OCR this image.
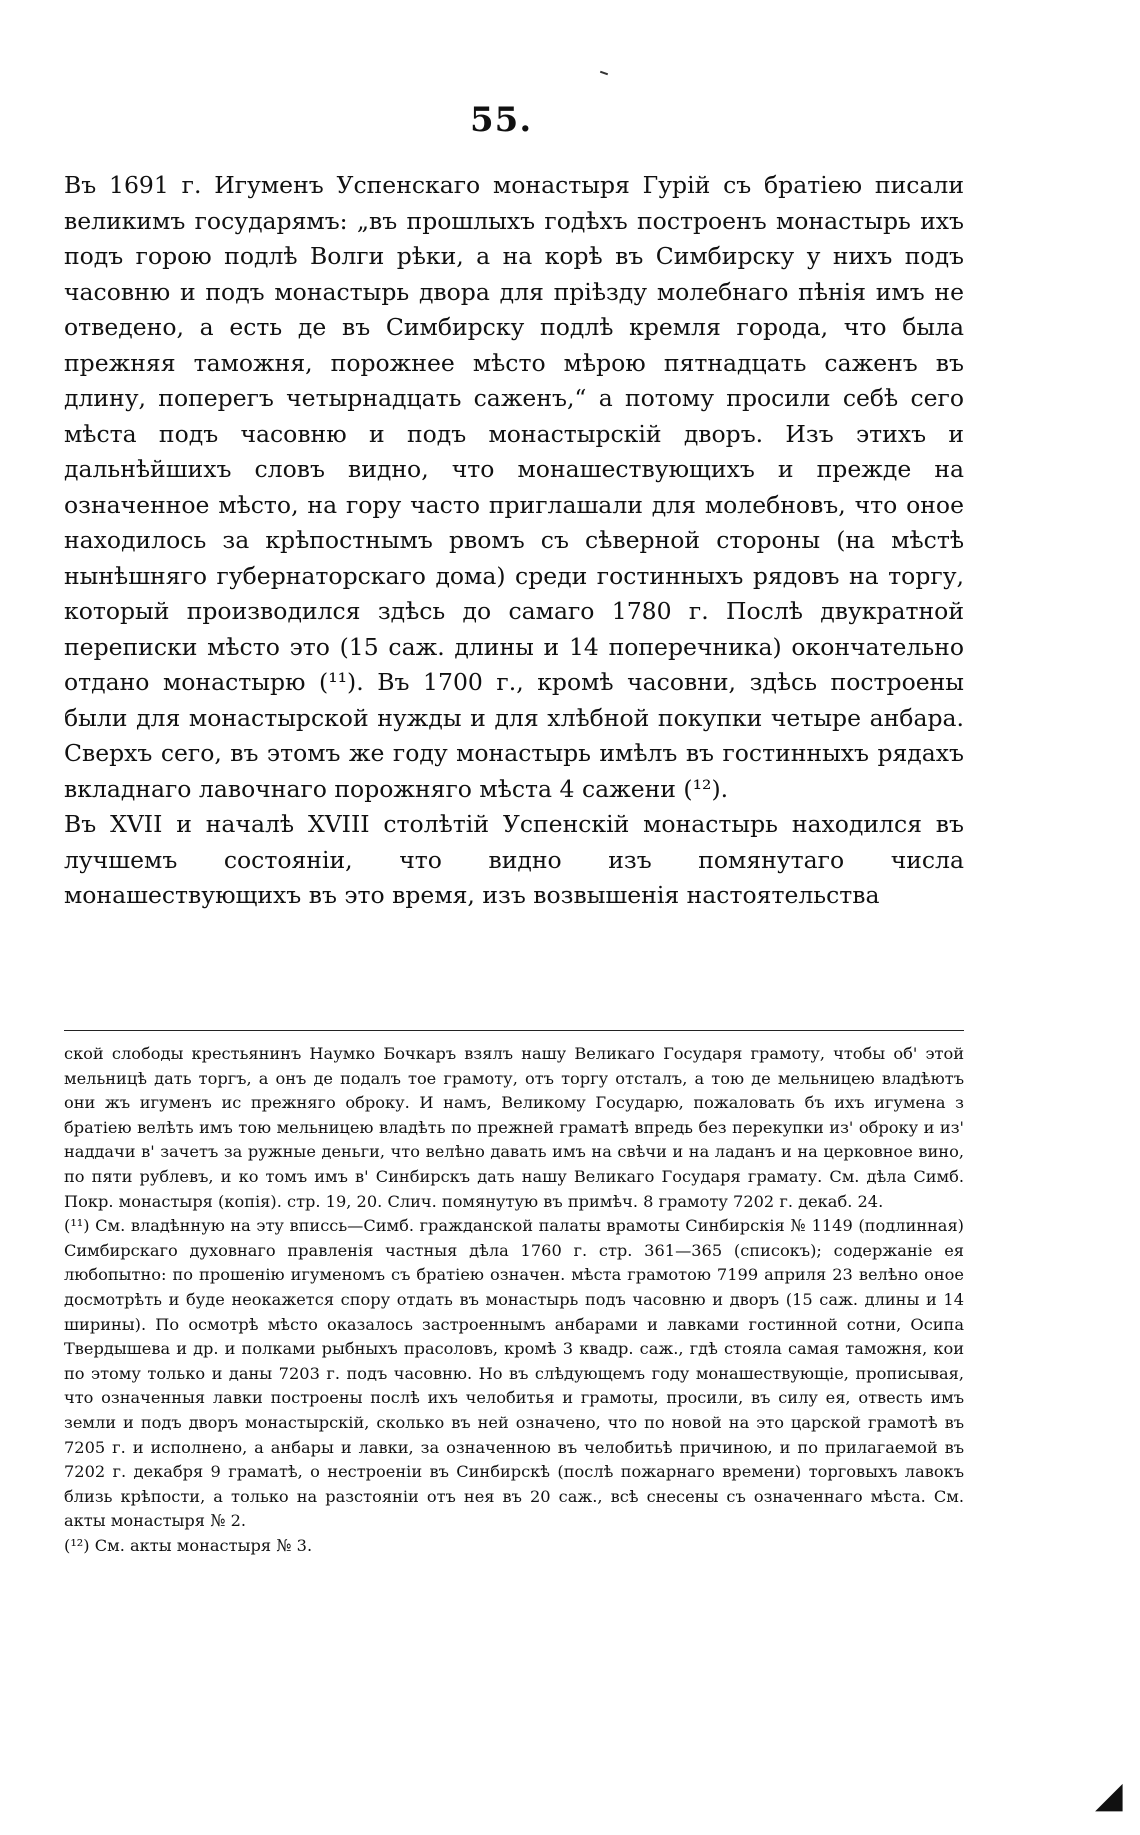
55.

Въ 1691 г. Игуменъ Успенскаго монастыря Гурій съ братіею писали великимъ государямъ: „въ прошлыхъ годѣхъ построенъ монастырь ихъ подъ горою подлѣ Волги рѣки, а на корѣ въ Симбирску у нихъ подъ часовню и подъ монастырь двора для пріѣзду молебнаго пѣнія имъ не отведено, а есть де въ Симбирску подлѣ кремля города, что была прежняя таможня, порожнее мѣсто мѣрою пятнадцать саженъ въ длину, поперегъ четырнадцать саженъ,“ а потому просили себѣ сего мѣста подъ часовню и подъ монастырскій дворъ. Изъ этихъ и дальнѣйшихъ словъ видно, что монашествующихъ и прежде на означенное мѣсто, на гору часто приглашали для молебновъ, что оное находилось за крѣпостнымъ рвомъ съ сѣверной стороны (на мѣстѣ нынѣшняго губернаторскаго дома) среди гостинныхъ рядовъ на торгу, который производился здѣсь до самаго 1780 г. Послѣ двукратной переписки мѣсто это (15 саж. длины и 14 поперечника) окончательно отдано монастырю (¹¹). Въ 1700 г., кромѣ часовни, здѣсь построены были для монастырской нужды и для хлѣбной покупки четыре анбара. Сверхъ сего, въ этомъ же году монастырь имѣлъ въ гостинныхъ рядахъ вкладнаго лавочнаго порожняго мѣста 4 сажени (¹²).

Въ XVII и началѣ XVIII столѣтій Успенскій монастырь находился въ лучшемъ состояніи, что видно изъ помянутаго числа монашествующихъ въ это время, изъ возвышенія настоятельства

ской слободы крестьянинъ Наумко Бочкаръ взялъ нашу Великаго Государя грамоту, чтобы об' этой мельницѣ дать торгъ, а онъ де подалъ тое грамоту, отъ торгу отсталъ, а тою де мельницею владѣютъ они жъ игуменъ ис прежняго оброку. И намъ, Великому Государю, пожаловать бъ ихъ игумена з братіею велѣть имъ тою мельницею владѣть по прежней граматѣ впредь без перекупки из' оброку и из' наддачи в' зачетъ за ружные деньги, что велѣно давать имъ на свѣчи и на ладанъ и на церковное вино, по пяти рублевъ, и ко томъ имъ в' Синбирскъ дать нашу Великаго Государя грамату. См. дѣла Симб. Покр. монастыря (копія). стр. 19, 20. Слич. помянутую въ примѣч. 8 грамоту 7202 г. декаб. 24.

(¹¹) См. владѣнную на эту вписсь—Симб. гражданской палаты врамоты Синбирскія № 1149 (подлинная) Симбирскаго духовнаго правленія частныя дѣла 1760 г. стр. 361—365 (списокъ); содержаніе ея любопытно: по прошенію игуменомъ съ братіею означен. мѣста грамотою 7199 априля 23 велѣно оное досмотрѣть и буде неокажется спору отдать въ монастырь подъ часовню и дворъ (15 саж. длины и 14 ширины). По осмотрѣ мѣсто оказалось застроеннымъ анбарами и лавками гостинной сотни, Осипа Твердышева и др. и полками рыбныхъ прасоловъ, кромѣ 3 квадр. саж., гдѣ стояла самая таможня, кои по этому только и даны 7203 г. подъ часовню. Но въ слѣдующемъ году монашествующіе, прописывая, что означенныя лавки построены послѣ ихъ челобитья и грамоты, просили, въ силу ея, отвесть имъ земли и подъ дворъ монастырскій, сколько въ ней означено, что по новой на это царской грамотѣ въ 7205 г. и исполнено, а анбары и лавки, за означенною въ челобитьѣ причиною, и по прилагаемой въ 7202 г. декабря 9 граматѣ, о нестроеніи въ Синбирскѣ (послѣ пожарнаго времени) торговыхъ лавокъ близь крѣпости, а только на разстояніи отъ нея въ 20 саж., всѣ снесены съ означеннаго мѣста. См. акты монастыря № 2.

(¹²) См. акты монастыря № 3.

◢
